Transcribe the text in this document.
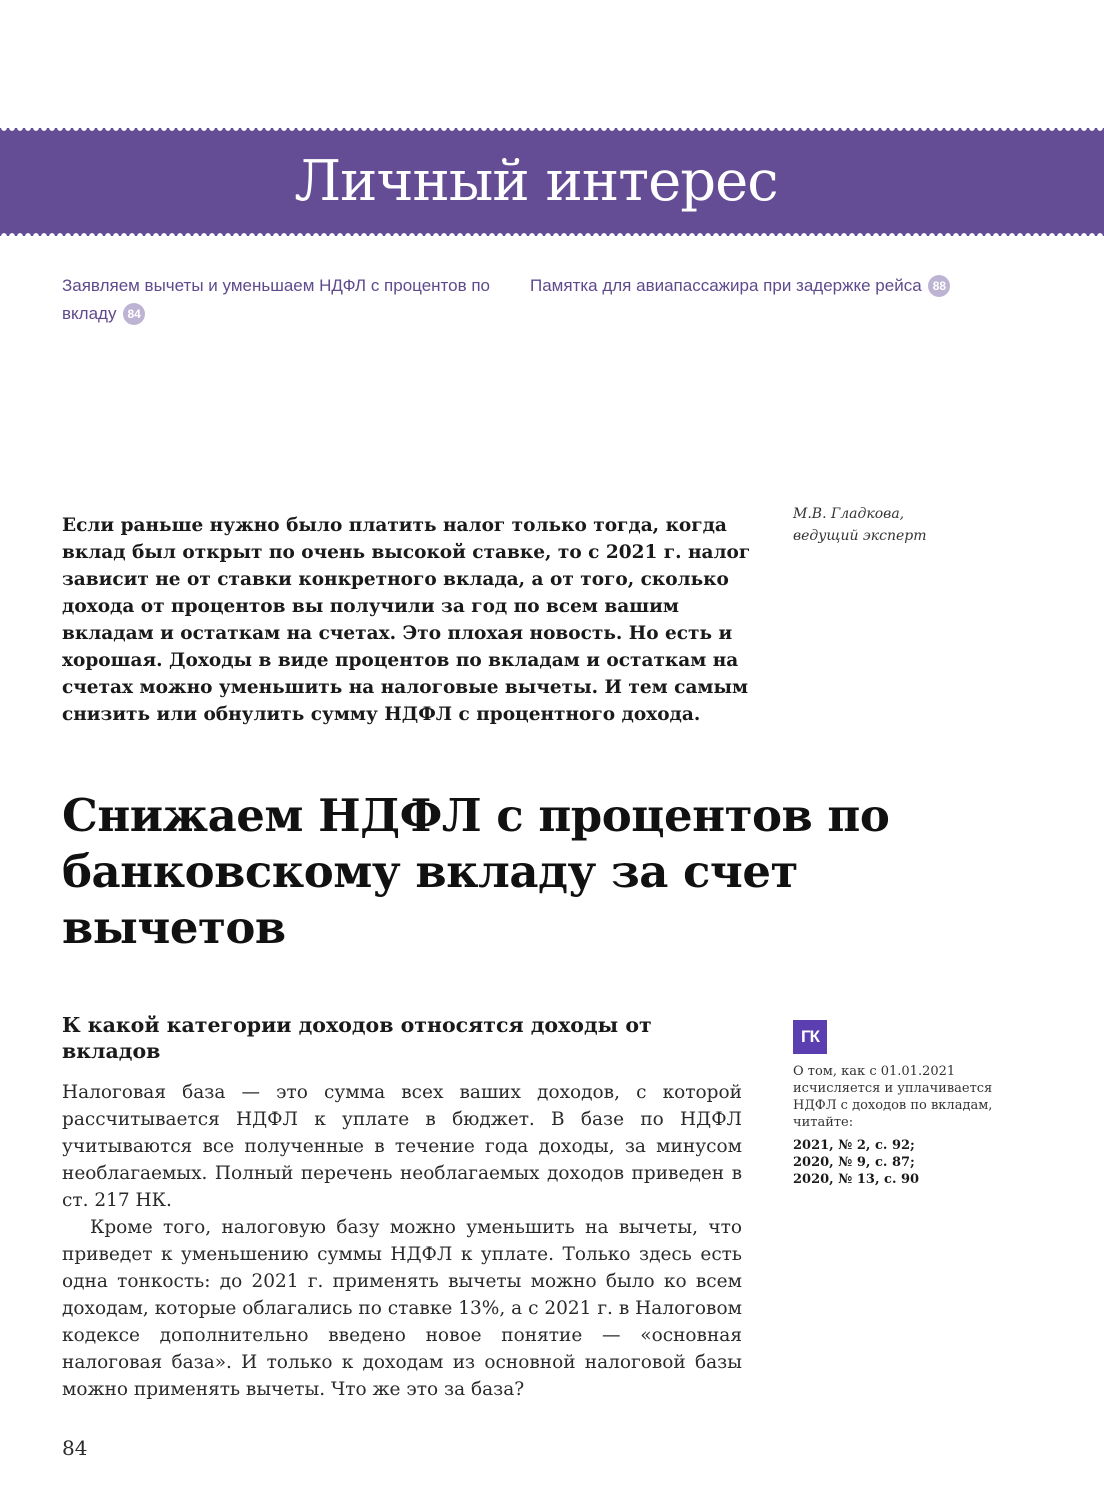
Личный интерес
Заявляем вычеты и уменьшаем НДФЛ с процентов по вкладу 84
Памятка для авиапассажира при задержке рейса 88
М.В. Гладкова,
ведущий эксперт

Если раньше нужно было платить налог только тогда, когда вклад был открыт по очень высокой ставке, то с 2021 г. налог зависит не от ставки конкретного вклада, а от того, сколько дохода от процентов вы получили за год по всем вашим вкладам и остаткам на счетах. Это плохая новость. Но есть и хорошая. Доходы в виде процентов по вкладам и остаткам на счетах можно уменьшить на налоговые вычеты. И тем самым снизить или обнулить сумму НДФЛ с процентного дохода.

Снижаем НДФЛ с процентов по банковскому вкладу за счет вычетов
К какой категории доходов относятся доходы от вкладов

Налоговая база — это сумма всех ваших доходов, с которой рассчитывается НДФЛ к уплате в бюджет. В базе по НДФЛ учитываются все полученные в течение года доходы, за минусом необлагаемых. Полный перечень необлагаемых доходов приведен в ст. 217 НК.

Кроме того, налоговую базу можно уменьшить на вычеты, что приведет к уменьшению суммы НДФЛ к уплате. Только здесь есть одна тонкость: до 2021 г. применять вычеты можно было ко всем доходам, которые облагались по ставке 13%, а с 2021 г. в Налоговом кодексе дополнительно введено новое понятие — «основная налоговая база». И только к доходам из основной налоговой базы можно применять вычеты. Что же это за база?

ГК
О том, как с 01.01.2021 исчисляется и уплачивается НДФЛ с доходов по вкладам, читайте:
2021, № 2, с. 92;
2020, № 9, с. 87;
2020, № 13, с. 90
84
